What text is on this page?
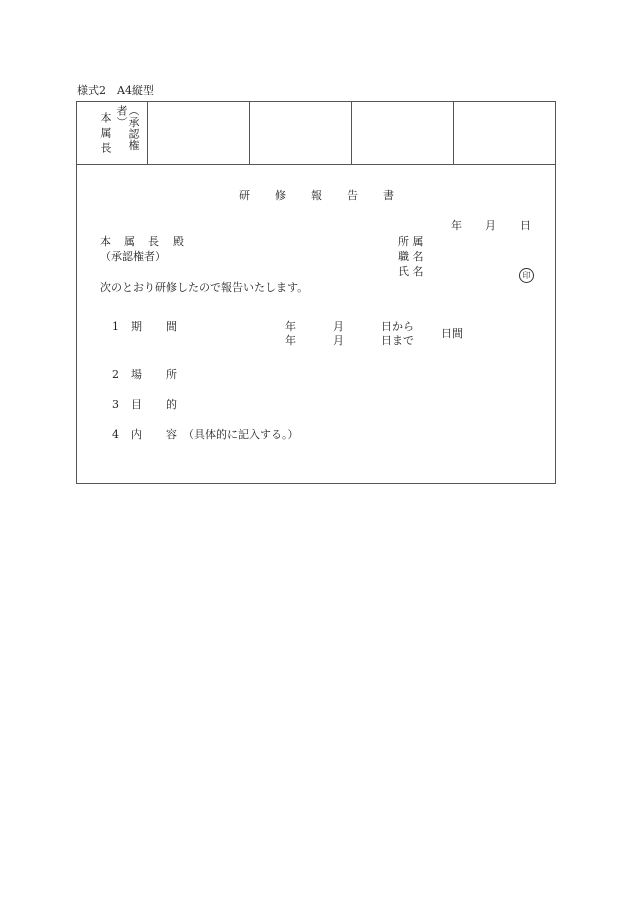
様式2　A4縦型
（承認権者）
本属長
研 修 報 告 書
年 月 日
本 属 長 殿
（承認権者）
所 属
職 名
氏 名	印
次のとおり研修したので報告いたします。
1 期 間	年	月	日から
年	月	日まで
日間
2 場 所
3 目 的
4 内 容 （具体的に記入する。）
